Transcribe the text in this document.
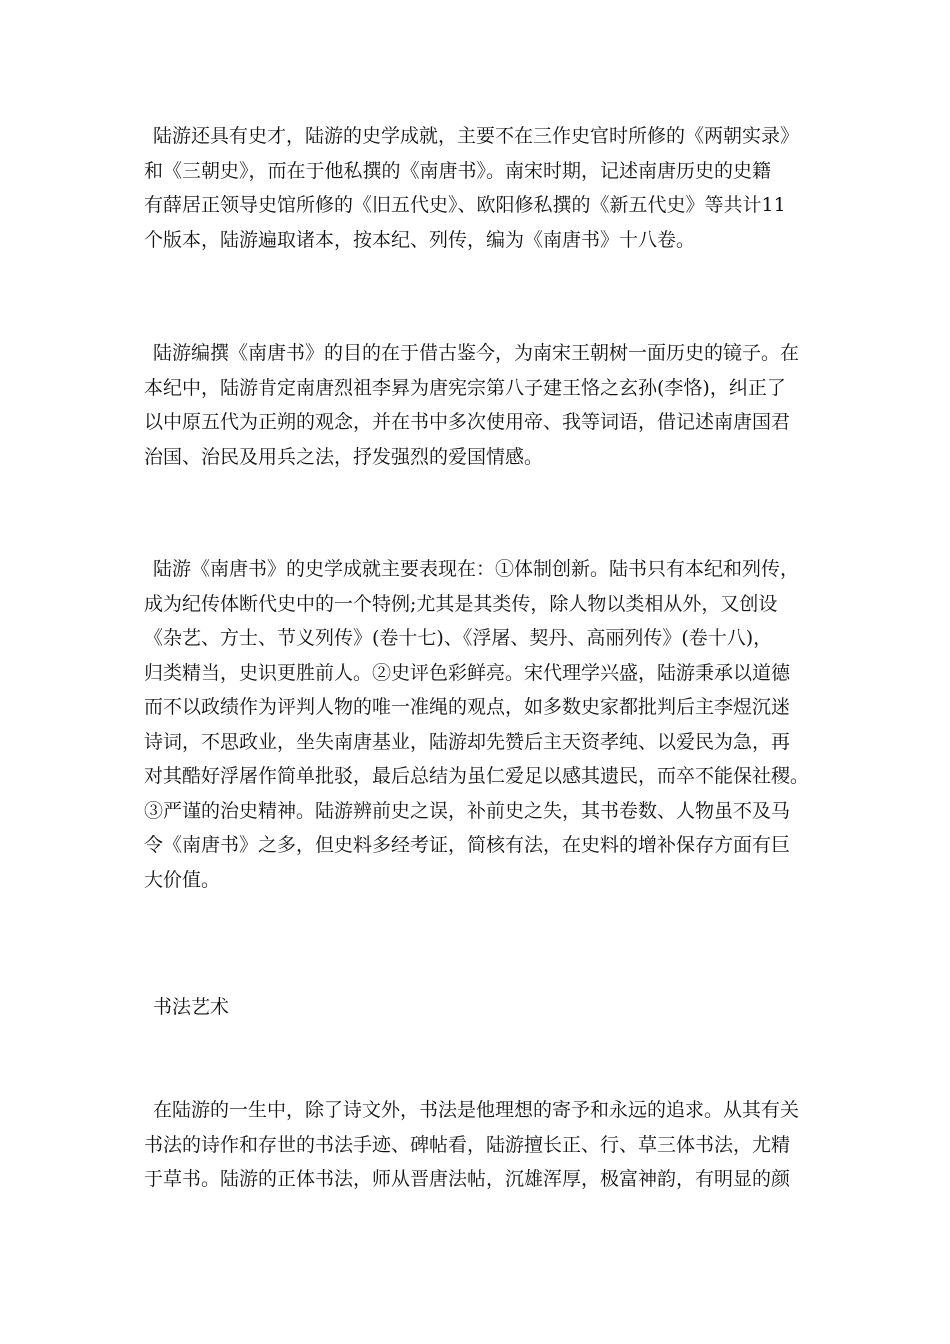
陆游还具有史才，陆游的史学成就，主要不在三作史官时所修的《两朝实录》
和《三朝史》，而在于他私撰的《南唐书》。南宋时期，记述南唐历史的史籍
有薛居正领导史馆所修的《旧五代史》、欧阳修私撰的《新五代史》等共计11
个版本，陆游遍取诸本，按本纪、列传，编为《南唐书》十八卷。
陆游编撰《南唐书》的目的在于借古鉴今，为南宋王朝树一面历史的镜子。在
本纪中，陆游肯定南唐烈祖李昪为唐宪宗第八子建王恪之玄孙(李恪)，纠正了
以中原五代为正朔的观念，并在书中多次使用帝、我等词语，借记述南唐国君
治国、治民及用兵之法，抒发强烈的爱国情感。
陆游《南唐书》的史学成就主要表现在：①体制创新。陆书只有本纪和列传，
成为纪传体断代史中的一个特例;尤其是其类传，除人物以类相从外，又创设
《杂艺、方士、节义列传》(卷十七)、《浮屠、契丹、高丽列传》(卷十八)，
归类精当，史识更胜前人。②史评色彩鲜亮。宋代理学兴盛，陆游秉承以道德
而不以政绩作为评判人物的唯一准绳的观点，如多数史家都批判后主李煜沉迷
诗词，不思政业，坐失南唐基业，陆游却先赞后主天资孝纯、以爱民为急，再
对其酷好浮屠作简单批驳，最后总结为虽仁爱足以感其遗民，而卒不能保社稷。
③严谨的治史精神。陆游辨前史之误，补前史之失，其书卷数、人物虽不及马
令《南唐书》之多，但史料多经考证，简核有法，在史料的增补保存方面有巨
大价值。
书法艺术
在陆游的一生中，除了诗文外，书法是他理想的寄予和永远的追求。从其有关
书法的诗作和存世的书法手迹、碑帖看，陆游擅长正、行、草三体书法，尤精
于草书。陆游的正体书法，师从晋唐法帖，沉雄浑厚，极富神韵，有明显的颜
